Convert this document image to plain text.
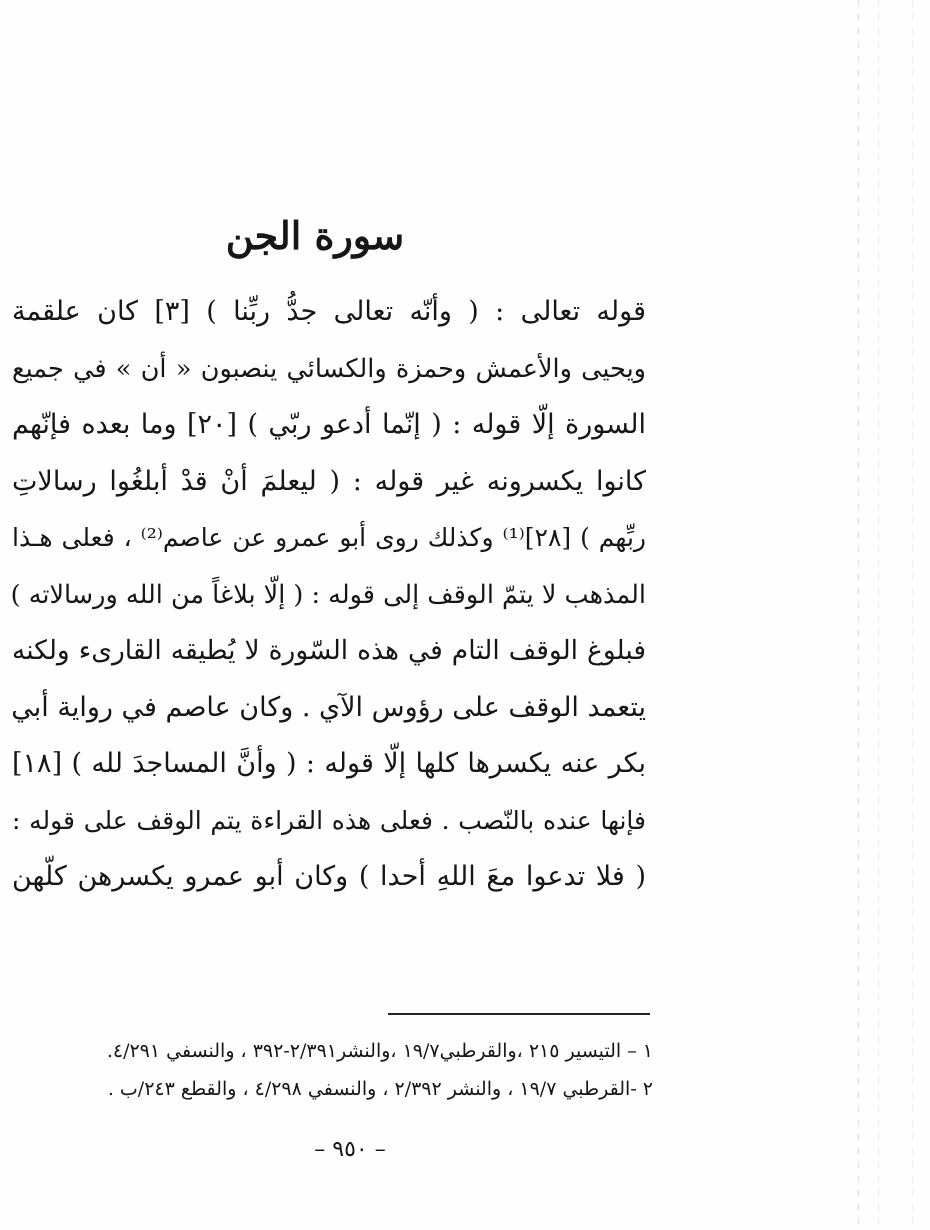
سورة الجن
قوله تعالى : ( وأنّه تعالى جدُّ ربِّنا ) [٣] كان علقمة
ويحيى والأعمش وحمزة والكسائي ينصبون « أن » في جميع
السورة إلّا قوله : ( إنّما أدعو ربّي ) [٢٠] وما بعده فإنّهم
كانوا يكسرونه غير قوله : ( ليعلمَ أنْ قدْ أبلغُوا رسالاتِ
ربِّهم ) [٢٨]⁽¹⁾ وكذلك روى أبو عمرو عن عاصم⁽²⁾ ، فعلى هـذا
المذهب لا يتمّ الوقف إلى قوله : ( إلّا بلاغاً من الله ورسالاته )
فبلوغ الوقف التام في هذه السّورة لا يُطيقه القارىء ولكنه
يتعمد الوقف على رؤوس الآي . وكان عاصم في رواية أبي
بكر عنه يكسرها كلها إلّا قوله : ( وأنَّ المساجدَ لله ) [١٨]
فإنها عنده بالنّصب . فعلى هذه القراءة يتم الوقف على قوله :
( فلا تدعوا معَ اللهِ أحدا ) وكان أبو عمرو يكسرهن كلّهن
١ – التيسير ٢١٥ ،والقرطبي١٩/٧ ،والنشر٢/٣٩١-٣٩٢ ، والنسفي ٤/٢٩١.
٢ -القرطبي ١٩/٧ ، والنشر ٢/٣٩٢ ، والنسفي ٤/٢٩٨ ، والقطع ٢٤٣/ب .
– ٩٥٠ –
